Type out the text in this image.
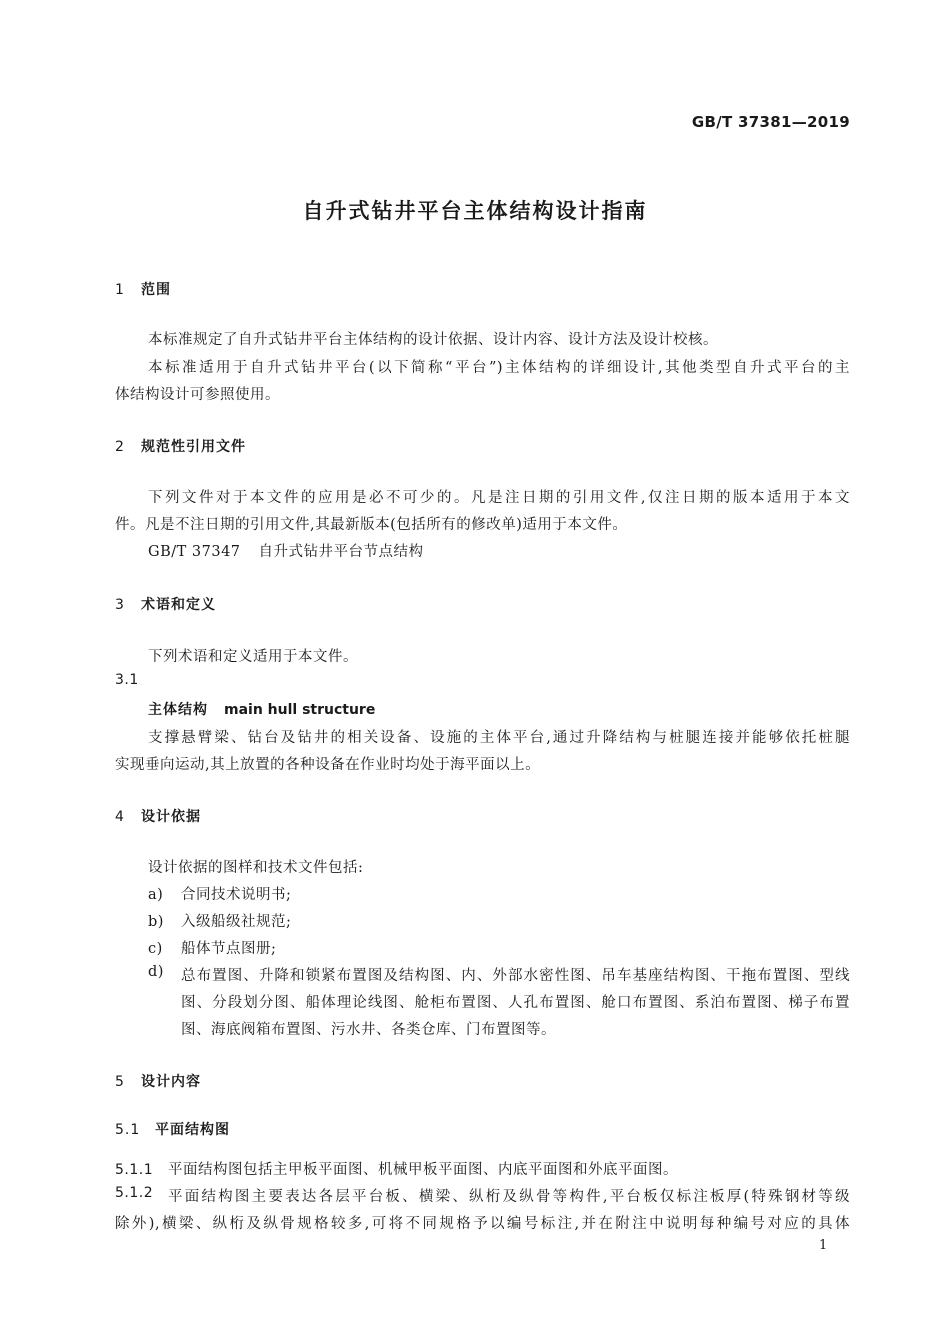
GB/T 37381—2019
自升式钻井平台主体结构设计指南
1 范围
本标准规定了自升式钻井平台主体结构的设计依据、设计内容、设计方法及设计校核。
本标准适用于自升式钻井平台(以下简称“平台”)主体结构的详细设计,其他类型自升式平台的主
体结构设计可参照使用。
2 规范性引用文件
下列文件对于本文件的应用是必不可少的。凡是注日期的引用文件,仅注日期的版本适用于本文
件。凡是不注日期的引用文件,其最新版本(包括所有的修改单)适用于本文件。
GB/T 37347 自升式钻井平台节点结构
3 术语和定义
下列术语和定义适用于本文件。
3.1
主体结构 main hull structure
支撑悬臂梁、钻台及钻井的相关设备、设施的主体平台,通过升降结构与桩腿连接并能够依托桩腿
实现垂向运动,其上放置的各种设备在作业时均处于海平面以上。
4 设计依据
设计依据的图样和技术文件包括:
a) 合同技术说明书;
b) 入级船级社规范;
c) 船体节点图册;
d) 总布置图、升降和锁紧布置图及结构图、内、外部水密性图、吊车基座结构图、干拖布置图、型线
图、分段划分图、船体理论线图、舱柜布置图、人孔布置图、舱口布置图、系泊布置图、梯子布置
图、海底阀箱布置图、污水井、各类仓库、门布置图等。
5 设计内容
5.1 平面结构图
5.1.1 平面结构图包括主甲板平面图、机械甲板平面图、内底平面图和外底平面图。
5.1.2 平面结构图主要表达各层平台板、横梁、纵桁及纵骨等构件,平台板仅标注板厚(特殊钢材等级
除外),横梁、纵桁及纵骨规格较多,可将不同规格予以编号标注,并在附注中说明每种编号对应的具体
1
